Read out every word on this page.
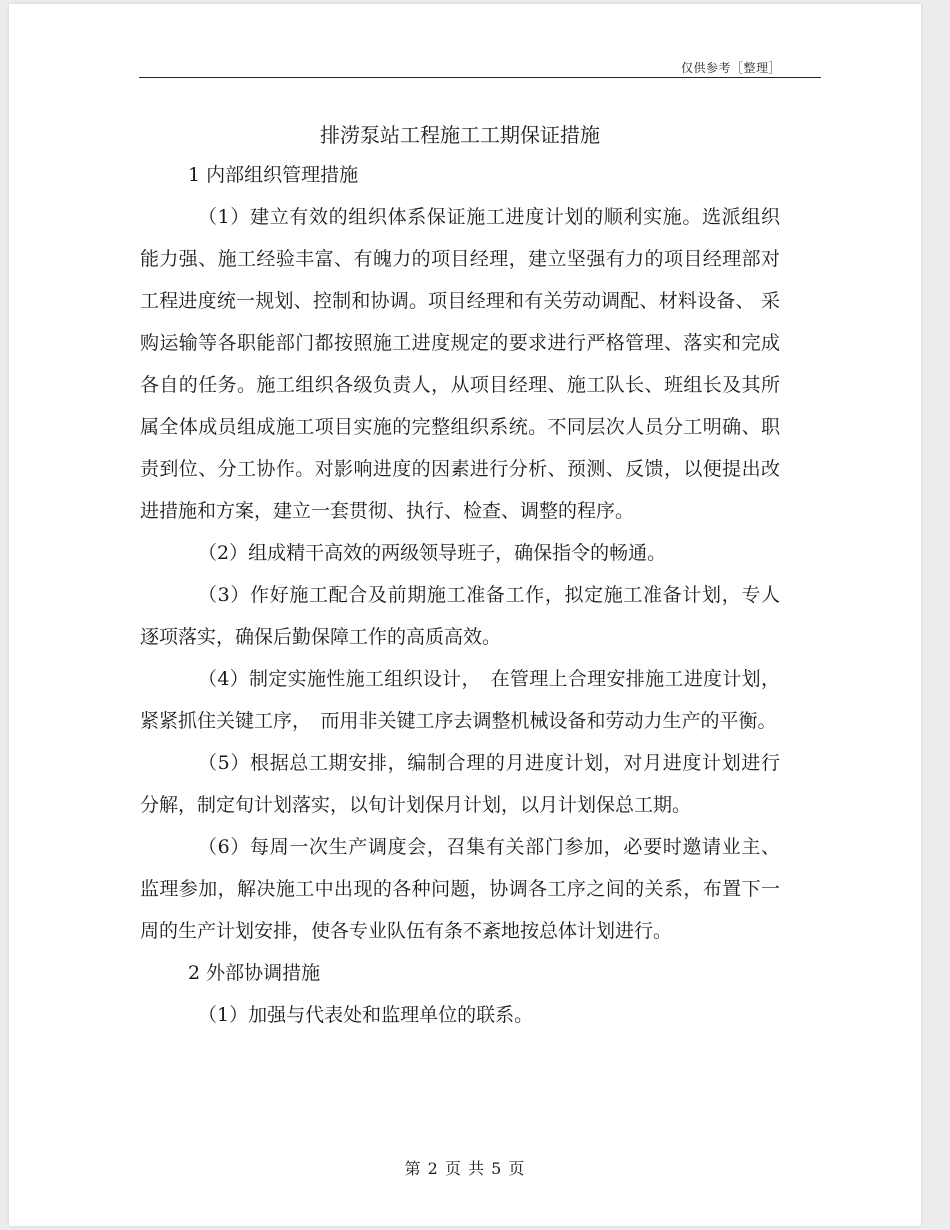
仅供参考［整理］

排涝泵站工程施工工期保证措施

1 内部组织管理措施

（1）建立有效的组织体系保证施工进度计划的顺利实施。选派组织能力强、施工经验丰富、有魄力的项目经理，建立坚强有力的项目经理部对工程进度统一规划、控制和协调。项目经理和有关劳动调配、材料设备、 采购运输等各职能部门都按照施工进度规定的要求进行严格管理、落实和完成各自的任务。施工组织各级负责人，从项目经理、施工队长、班组长及其所属全体成员组成施工项目实施的完整组织系统。不同层次人员分工明确、职责到位、分工协作。对影响进度的因素进行分析、预测、反馈，以便提出改进措施和方案，建立一套贯彻、执行、检查、调整的程序。

（2）组成精干高效的两级领导班子，确保指令的畅通。

（3）作好施工配合及前期施工准备工作，拟定施工准备计划，专人逐项落实，确保后勤保障工作的高质高效。

（4）制定实施性施工组织设计，　在管理上合理安排施工进度计划，紧紧抓住关键工序，　而用非关键工序去调整机械设备和劳动力生产的平衡。

（5）根据总工期安排，编制合理的月进度计划，对月进度计划进行分解，制定旬计划落实，以旬计划保月计划，以月计划保总工期。

（6）每周一次生产调度会，召集有关部门参加，必要时邀请业主、监理参加，解决施工中出现的各种问题，协调各工序之间的关系，布置下一周的生产计划安排，使各专业队伍有条不紊地按总体计划进行。

2 外部协调措施

（1）加强与代表处和监理单位的联系。

第 2 页 共 5 页
